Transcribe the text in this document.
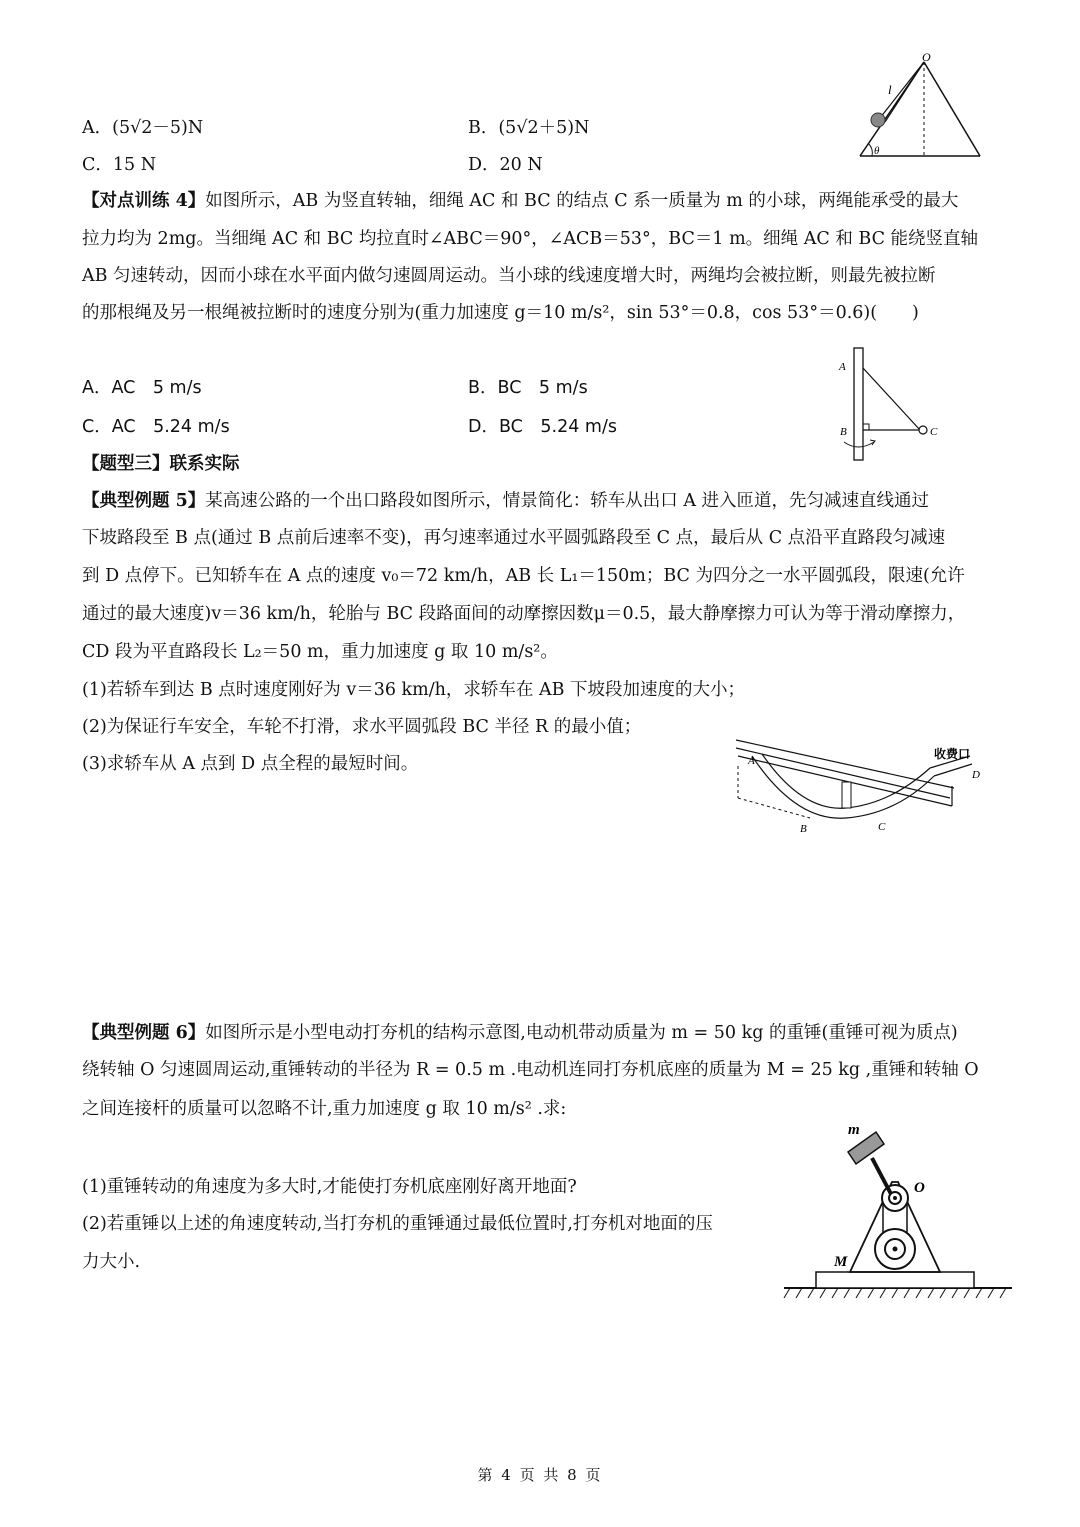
A．(5√2－5)N	B．(5√2＋5)N
C．15 N	D．20 N
O
l
θ
【对点训练 4】如图所示，AB 为竖直转轴，细绳 AC 和 BC 的结点 C 系一质量为 m 的小球，两绳能承受的最大
拉力均为 2mg。当细绳 AC 和 BC 均拉直时∠ABC＝90°，∠ACB＝53°，BC＝1 m。细绳 AC 和 BC 能绕竖直轴
AB 匀速转动，因而小球在水平面内做匀速圆周运动。当小球的线速度增大时，两绳均会被拉断，则最先被拉断
的那根绳及另一根绳被拉断时的速度分别为(重力加速度 g＝10 m/s²，sin 53°＝0.8，cos 53°＝0.6)(　　)
A．AC　5 m/s	B．BC　5 m/s
C．AC　5.24 m/s	D．BC　5.24 m/s
A
B	C
【题型三】联系实际
【典型例题 5】某高速公路的一个出口路段如图所示，情景简化：轿车从出口 A 进入匝道，先匀减速直线通过
下坡路段至 B 点(通过 B 点前后速率不变)，再匀速率通过水平圆弧路段至 C 点，最后从 C 点沿平直路段匀减速
到 D 点停下。已知轿车在 A 点的速度 v₀＝72 km/h，AB 长 L₁＝150m；BC 为四分之一水平圆弧段，限速(允许
通过的最大速度)v＝36 km/h，轮胎与 BC 段路面间的动摩擦因数μ＝0.5，最大静摩擦力可认为等于滑动摩擦力，
CD 段为平直路段长 L₂＝50 m，重力加速度 g 取 10 m/s²。
(1)若轿车到达 B 点时速度刚好为 v＝36 km/h，求轿车在 AB 下坡段加速度的大小；
(2)为保证行车安全，车轮不打滑，求水平圆弧段 BC 半径 R 的最小值；
(3)求轿车从 A 点到 D 点全程的最短时间。	A
B	C
D
收费口
【典型例题 6】如图所示是小型电动打夯机的结构示意图,电动机带动质量为 m = 50 kg 的重锤(重锤可视为质点)
绕转轴 O 匀速圆周运动,重锤转动的半径为 R = 0.5 m .电动机连同打夯机底座的质量为 M = 25 kg ,重锤和转轴 O
之间连接杆的质量可以忽略不计,重力加速度 g 取 10 m/s² .求:
(1)重锤转动的角速度为多大时,才能使打夯机底座刚好离开地面?
(2)若重锤以上述的角速度转动,当打夯机的重锤通过最低位置时,打夯机对地面的压
力大小.
m
O
M
第 4 页 共 8 页
